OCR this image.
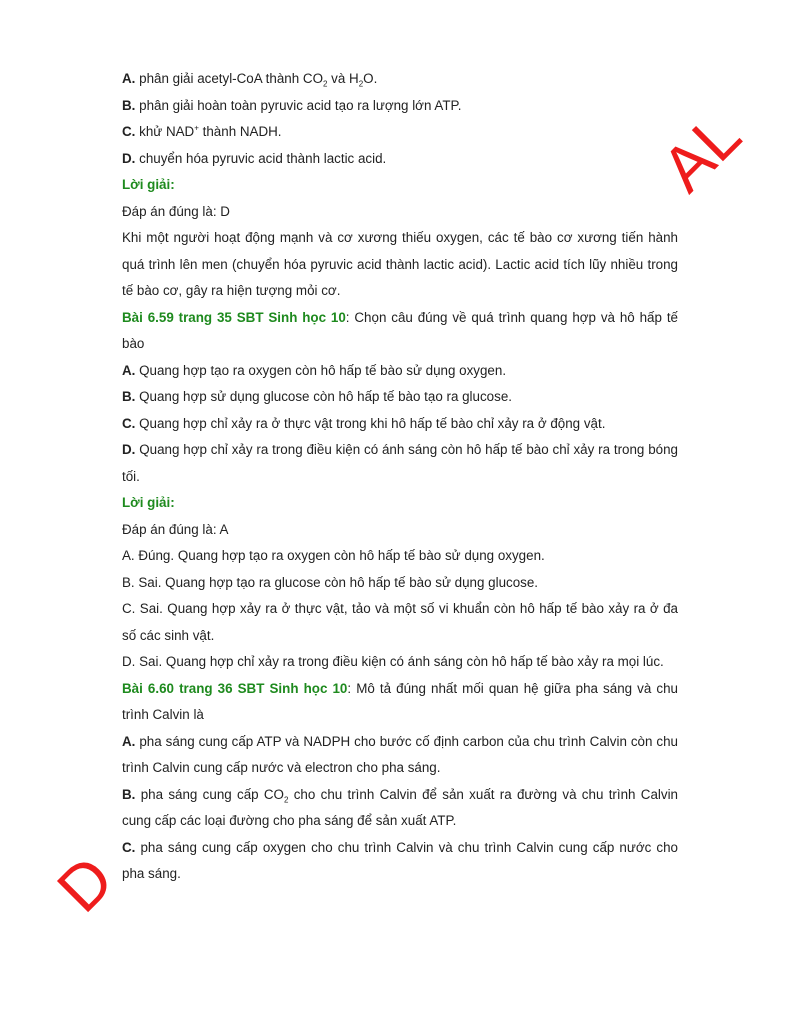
A. phân giải acetyl-CoA thành $CO_2$ và $H_2O$.

B. phân giải hoàn toàn pyruvic acid tạo ra lượng lớn ATP.

C. khử NAD+ thành NADH.

D. chuyển hóa pyruvic acid thành lactic acid.

Lời giải:

Đáp án đúng là: D

Khi một người hoạt động mạnh và cơ xương thiếu oxygen, các tế bào cơ xương tiến hành quá trình lên men (chuyển hóa pyruvic acid thành lactic acid). Lactic acid tích lũy nhiều trong tế bào cơ, gây ra hiện tượng mỏi cơ.

Bài 6.59 trang 35 SBT Sinh học 10: Chọn câu đúng về quá trình quang hợp và hô hấp tế bào

A. Quang hợp tạo ra oxygen còn hô hấp tế bào sử dụng oxygen.

B. Quang hợp sử dụng glucose còn hô hấp tế bào tạo ra glucose.

C. Quang hợp chỉ xảy ra ở thực vật trong khi hô hấp tế bào chỉ xảy ra ở động vật.

D. Quang hợp chỉ xảy ra trong điều kiện có ánh sáng còn hô hấp tế bào chỉ xảy ra trong bóng tối.

Lời giải:

Đáp án đúng là: A

A. Đúng. Quang hợp tạo ra oxygen còn hô hấp tế bào sử dụng oxygen.

B. Sai. Quang hợp tạo ra glucose còn hô hấp tế bào sử dụng glucose.

C. Sai. Quang hợp xảy ra ở thực vật, tảo và một số vi khuẩn còn hô hấp tế bào xảy ra ở đa số các sinh vật.

D. Sai. Quang hợp chỉ xảy ra trong điều kiện có ánh sáng còn hô hấp tế bào xảy ra mọi lúc.

Bài 6.60 trang 36 SBT Sinh học 10: Mô tả đúng nhất mối quan hệ giữa pha sáng và chu trình Calvin là

A. pha sáng cung cấp ATP và NADPH cho bước cố định carbon của chu trình Calvin còn chu trình Calvin cung cấp nước và electron cho pha sáng.

B. pha sáng cung cấp $CO_2$ cho chu trình Calvin để sản xuất ra đường và chu trình Calvin cung cấp các loại đường cho pha sáng để sản xuất ATP.

C. pha sáng cung cấp oxygen cho chu trình Calvin và chu trình Calvin cung cấp nước cho pha sáng.

AL
D
